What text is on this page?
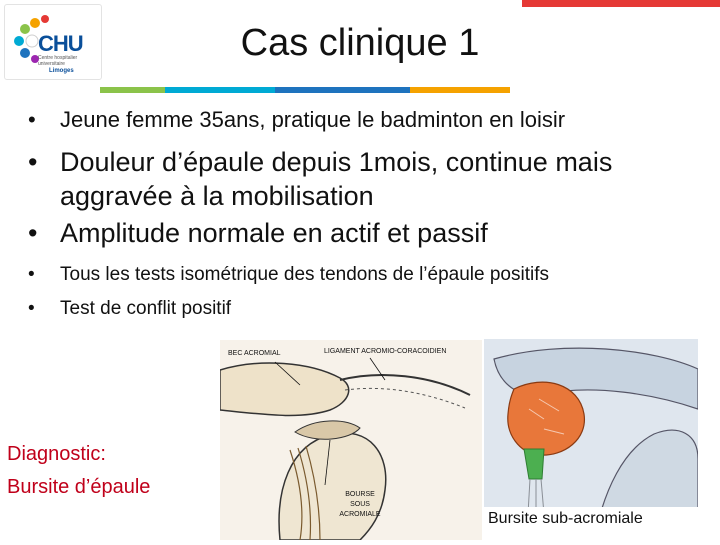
CHU
Centre hospitalier universitaire
Limoges
Cas clinique 1
•	Jeune femme 35ans, pratique le badminton en loisir
• Douleur d’épaule depuis 1mois, continue mais aggravée à la mobilisation
• Amplitude normale en actif et passif
•	Tous les tests isométrique des tendons de l’épaule positifs
•	Test de conflit positif
Diagnostic:
Bursite d’épaule
BEC ACROMIAL	LIGAMENT ACROMIO-CORACOIDIEN
BOURSE
SOUS
ACROMIALE	Bursite sub-acromiale
